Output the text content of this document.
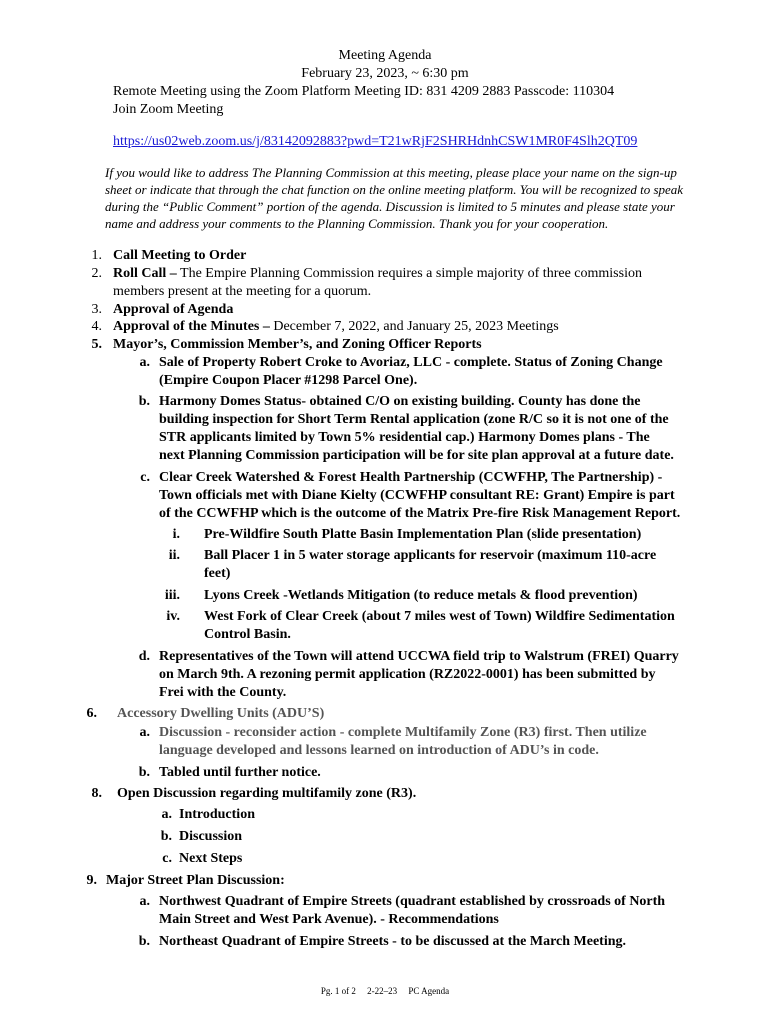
Meeting Agenda
February 23, 2023, ~ 6:30 pm
Remote Meeting using the Zoom Platform Meeting ID: 831 4209 2883 Passcode: 110304
Join Zoom Meeting
https://us02web.zoom.us/j/83142092883?pwd=T21wRjF2SHRHdnhCSW1MR0F4Slh2QT09
If you would like to address The Planning Commission at this meeting, please place your name on the sign-up
sheet or indicate that through the chat function on the online meeting platform. You will be recognized to speak
during the “Public Comment” portion of the agenda. Discussion is limited to 5 minutes and please state your
name and address your comments to the Planning Commission. Thank you for your cooperation.
1. Call Meeting to Order
2. Roll Call – The Empire Planning Commission requires a simple majority of three commission
members present at the meeting for a quorum.
3. Approval of Agenda
4. Approval of the Minutes – December 7, 2022, and January 25, 2023 Meetings
5. Mayor’s, Commission Member’s, and Zoning Officer Reports
a. Sale of Property Robert Croke to Avoriaz, LLC - complete. Status of Zoning Change
(Empire Coupon Placer #1298 Parcel One).
b. Harmony Domes Status- obtained C/O on existing building. County has done the
building inspection for Short Term Rental application (zone R/C so it is not one of the
STR applicants limited by Town 5% residential cap.) Harmony Domes plans - The
next Planning Commission participation will be for site plan approval at a future date.
c. Clear Creek Watershed & Forest Health Partnership (CCWFHP, The Partnership) -
Town officials met with Diane Kielty (CCWFHP consultant RE: Grant) Empire is part
of the CCWFHP which is the outcome of the Matrix Pre-fire Risk Management Report.
i. Pre-Wildfire South Platte Basin Implementation Plan (slide presentation)
ii. Ball Placer 1 in 5 water storage applicants for reservoir (maximum 110-acre
feet)
iii. Lyons Creek -Wetlands Mitigation (to reduce metals & flood prevention)
iv. West Fork of Clear Creek (about 7 miles west of Town) Wildfire Sedimentation
Control Basin.
d. Representatives of the Town will attend UCCWA field trip to Walstrum (FREI) Quarry
on March 9th. A rezoning permit application (RZ2022-0001) has been submitted by
Frei with the County.
6. Accessory Dwelling Units (ADU’S)
a. Discussion - reconsider action - complete Multifamily Zone (R3) first. Then utilize
language developed and lessons learned on introduction of ADU’s in code.
b. Tabled until further notice.
8. Open Discussion regarding multifamily zone (R3).
a. Introduction
b. Discussion
c. Next Steps
9. Major Street Plan Discussion:
a. Northwest Quadrant of Empire Streets (quadrant established by crossroads of North
Main Street and West Park Avenue). - Recommendations
b. Northeast Quadrant of Empire Streets - to be discussed at the March Meeting.
Pg. 1 of 2     2-22–23     PC Agenda
